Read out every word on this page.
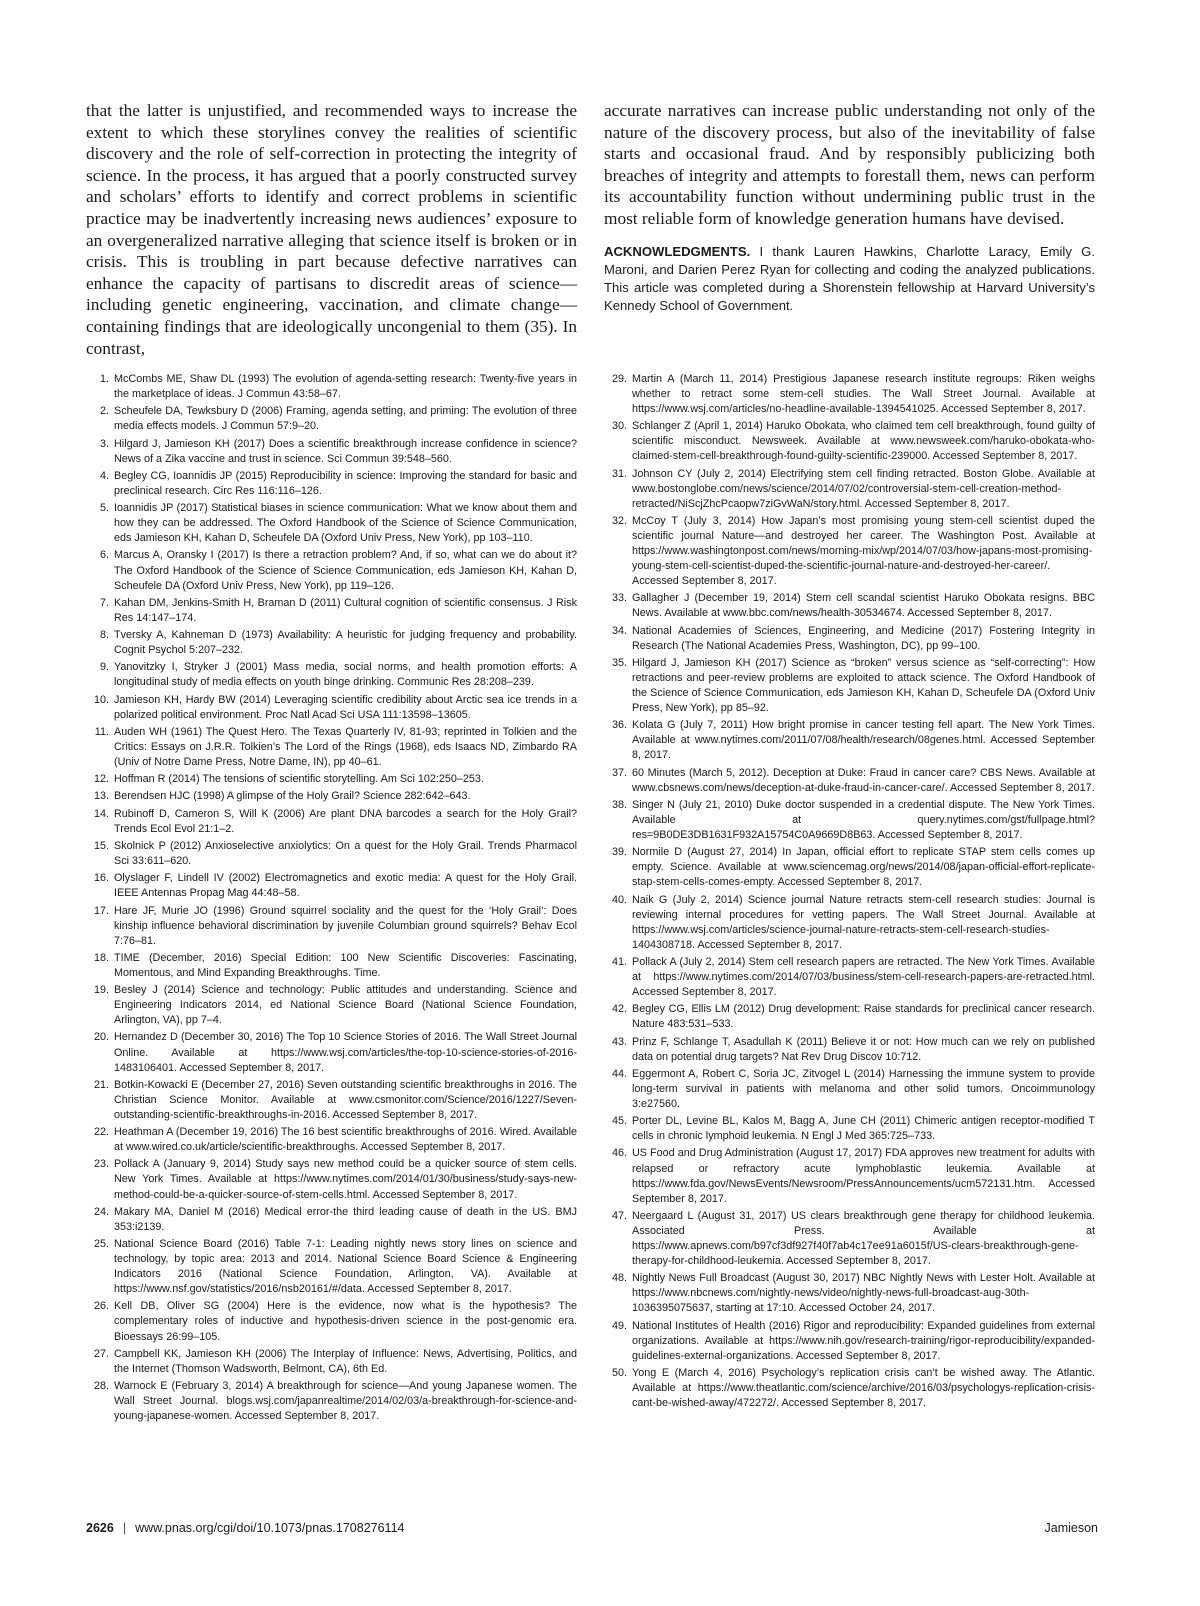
that the latter is unjustified, and recommended ways to increase the extent to which these storylines convey the realities of scientific discovery and the role of self-correction in protecting the integrity of science. In the process, it has argued that a poorly constructed survey and scholars’ efforts to identify and correct problems in scientific practice may be inadvertently increasing news audiences’ exposure to an overgeneralized narrative alleging that science itself is broken or in crisis. This is troubling in part because defective narratives can enhance the capacity of partisans to discredit areas of science—including genetic engineering, vaccination, and climate change—containing findings that are ideologically uncongenial to them (35). In contrast,

accurate narratives can increase public understanding not only of the nature of the discovery process, but also of the inevitability of false starts and occasional fraud. And by responsibly publicizing both breaches of integrity and attempts to forestall them, news can perform its accountability function without undermining public trust in the most reliable form of knowledge generation humans have devised.

ACKNOWLEDGMENTS. I thank Lauren Hawkins, Charlotte Laracy, Emily G. Maroni, and Darien Perez Ryan for collecting and coding the analyzed publications. This article was completed during a Shorenstein fellowship at Harvard University’s Kennedy School of Government.

1. McCombs ME, Shaw DL (1993) The evolution of agenda-setting research: Twenty-five years in the marketplace of ideas. J Commun 43:58–67.
2. Scheufele DA, Tewksbury D (2006) Framing, agenda setting, and priming: The evolution of three media effects models. J Commun 57:9–20.
3. Hilgard J, Jamieson KH (2017) Does a scientific breakthrough increase confidence in science? News of a Zika vaccine and trust in science. Sci Commun 39:548–560.
4. Begley CG, Ioannidis JP (2015) Reproducibility in science: Improving the standard for basic and preclinical research. Circ Res 116:116–126.
5. Ioannidis JP (2017) Statistical biases in science communication: What we know about them and how they can be addressed. The Oxford Handbook of the Science of Science Communication, eds Jamieson KH, Kahan D, Scheufele DA (Oxford Univ Press, New York), pp 103–110.
6. Marcus A, Oransky I (2017) Is there a retraction problem? And, if so, what can we do about it? The Oxford Handbook of the Science of Science Communication, eds Jamieson KH, Kahan D, Scheufele DA (Oxford Univ Press, New York), pp 119–126.
7. Kahan DM, Jenkins-Smith H, Braman D (2011) Cultural cognition of scientific consensus. J Risk Res 14:147–174.
8. Tversky A, Kahneman D (1973) Availability: A heuristic for judging frequency and probability. Cognit Psychol 5:207–232.
9. Yanovitzky I, Stryker J (2001) Mass media, social norms, and health promotion efforts: A longitudinal study of media effects on youth binge drinking. Communic Res 28:208–239.
10. Jamieson KH, Hardy BW (2014) Leveraging scientific credibility about Arctic sea ice trends in a polarized political environment. Proc Natl Acad Sci USA 111:13598–13605.
11. Auden WH (1961) The Quest Hero. The Texas Quarterly IV, 81-93; reprinted in Tolkien and the Critics: Essays on J.R.R. Tolkien’s The Lord of the Rings (1968), eds Isaacs ND, Zimbardo RA (Univ of Notre Dame Press, Notre Dame, IN), pp 40–61.
12. Hoffman R (2014) The tensions of scientific storytelling. Am Sci 102:250–253.
13. Berendsen HJC (1998) A glimpse of the Holy Grail? Science 282:642–643.
14. Rubinoff D, Cameron S, Will K (2006) Are plant DNA barcodes a search for the Holy Grail? Trends Ecol Evol 21:1–2.
15. Skolnick P (2012) Anxioselective anxiolytics: On a quest for the Holy Grail. Trends Pharmacol Sci 33:611–620.
16. Olyslager F, Lindell IV (2002) Electromagnetics and exotic media: A quest for the Holy Grail. IEEE Antennas Propag Mag 44:48–58.
17. Hare JF, Murie JO (1996) Ground squirrel sociality and the quest for the ‘Holy Grail’: Does kinship influence behavioral discrimination by juvenile Columbian ground squirrels? Behav Ecol 7:76–81.
18. TIME (December, 2016) Special Edition: 100 New Scientific Discoveries: Fascinating, Momentous, and Mind Expanding Breakthroughs. Time.
19. Besley J (2014) Science and technology: Public attitudes and understanding. Science and Engineering Indicators 2014, ed National Science Board (National Science Foundation, Arlington, VA), pp 7–4.
20. Hernandez D (December 30, 2016) The Top 10 Science Stories of 2016. The Wall Street Journal Online. Available at https://www.wsj.com/articles/the-top-10-science-stories-of-2016-1483106401. Accessed September 8, 2017.
21. Botkin-Kowacki E (December 27, 2016) Seven outstanding scientific breakthroughs in 2016. The Christian Science Monitor. Available at www.csmonitor.com/Science/2016/1227/Seven-outstanding-scientific-breakthroughs-in-2016. Accessed September 8, 2017.
22. Heathman A (December 19, 2016) The 16 best scientific breakthroughs of 2016. Wired. Available at www.wired.co.uk/article/scientific-breakthroughs. Accessed September 8, 2017.
23. Pollack A (January 9, 2014) Study says new method could be a quicker source of stem cells. New York Times. Available at https://www.nytimes.com/2014/01/30/business/study-says-new-method-could-be-a-quicker-source-of-stem-cells.html. Accessed September 8, 2017.
24. Makary MA, Daniel M (2016) Medical error-the third leading cause of death in the US. BMJ 353:i2139.
25. National Science Board (2016) Table 7-1: Leading nightly news story lines on science and technology, by topic area: 2013 and 2014. National Science Board Science & Engineering Indicators 2016 (National Science Foundation, Arlington, VA). Available at https://www.nsf.gov/statistics/2016/nsb20161/#/data. Accessed September 8, 2017.
26. Kell DB, Oliver SG (2004) Here is the evidence, now what is the hypothesis? The complementary roles of inductive and hypothesis-driven science in the post-genomic era. Bioessays 26:99–105.
27. Campbell KK, Jamieson KH (2006) The Interplay of Influence: News, Advertising, Politics, and the Internet (Thomson Wadsworth, Belmont, CA), 6th Ed.
28. Warnock E (February 3, 2014) A breakthrough for science—And young Japanese women. The Wall Street Journal. blogs.wsj.com/japanrealtime/2014/02/03/a-breakthrough-for-science-and-young-japanese-women. Accessed September 8, 2017.
29. Martin A (March 11, 2014) Prestigious Japanese research institute regroups: Riken weighs whether to retract some stem-cell studies. The Wall Street Journal. Available at https://www.wsj.com/articles/no-headline-available-1394541025. Accessed September 8, 2017.
30. Schlanger Z (April 1, 2014) Haruko Obokata, who claimed tem cell breakthrough, found guilty of scientific misconduct. Newsweek. Available at www.newsweek.com/haruko-obokata-who-claimed-stem-cell-breakthrough-found-guilty-scientific-239000. Accessed September 8, 2017.
31. Johnson CY (July 2, 2014) Electrifying stem cell finding retracted. Boston Globe. Available at www.bostonglobe.com/news/science/2014/07/02/controversial-stem-cell-creation-method-retracted/NiScjZhcPcaopw7ziGvWaN/story.html. Accessed September 8, 2017.
32. McCoy T (July 3, 2014) How Japan’s most promising young stem-cell scientist duped the scientific journal Nature—and destroyed her career. The Washington Post. Available at https://www.washingtonpost.com/news/morning-mix/wp/2014/07/03/how-japans-most-promising-young-stem-cell-scientist-duped-the-scientific-journal-nature-and-destroyed-her-career/. Accessed September 8, 2017.
33. Gallagher J (December 19, 2014) Stem cell scandal scientist Haruko Obokata resigns. BBC News. Available at www.bbc.com/news/health-30534674. Accessed September 8, 2017.
34. National Academies of Sciences, Engineering, and Medicine (2017) Fostering Integrity in Research (The National Academies Press, Washington, DC), pp 99–100.
35. Hilgard J, Jamieson KH (2017) Science as “broken” versus science as “self-correcting”: How retractions and peer-review problems are exploited to attack science. The Oxford Handbook of the Science of Science Communication, eds Jamieson KH, Kahan D, Scheufele DA (Oxford Univ Press, New York), pp 85–92.
36. Kolata G (July 7, 2011) How bright promise in cancer testing fell apart. The New York Times. Available at www.nytimes.com/2011/07/08/health/research/08genes.html. Accessed September 8, 2017.
37. 60 Minutes (March 5, 2012). Deception at Duke: Fraud in cancer care? CBS News. Available at www.cbsnews.com/news/deception-at-duke-fraud-in-cancer-care/. Accessed September 8, 2017.
38. Singer N (July 21, 2010) Duke doctor suspended in a credential dispute. The New York Times. Available at query.nytimes.com/gst/fullpage.html?res=9B0DE3DB1631F932A15754C0A9669D8B63. Accessed September 8, 2017.
39. Normile D (August 27, 2014) In Japan, official effort to replicate STAP stem cells comes up empty. Science. Available at www.sciencemag.org/news/2014/08/japan-official-effort-replicate-stap-stem-cells-comes-empty. Accessed September 8, 2017.
40. Naik G (July 2, 2014) Science journal Nature retracts stem-cell research studies: Journal is reviewing internal procedures for vetting papers. The Wall Street Journal. Available at https://www.wsj.com/articles/science-journal-nature-retracts-stem-cell-research-studies-1404308718. Accessed September 8, 2017.
41. Pollack A (July 2, 2014) Stem cell research papers are retracted. The New York Times. Available at https://www.nytimes.com/2014/07/03/business/stem-cell-research-papers-are-retracted.html. Accessed September 8, 2017.
42. Begley CG, Ellis LM (2012) Drug development: Raise standards for preclinical cancer research. Nature 483:531–533.
43. Prinz F, Schlange T, Asadullah K (2011) Believe it or not: How much can we rely on published data on potential drug targets? Nat Rev Drug Discov 10:712.
44. Eggermont A, Robert C, Soria JC, Zitvogel L (2014) Harnessing the immune system to provide long-term survival in patients with melanoma and other solid tumors. Oncoimmunology 3:e27560.
45. Porter DL, Levine BL, Kalos M, Bagg A, June CH (2011) Chimeric antigen receptor-modified T cells in chronic lymphoid leukemia. N Engl J Med 365:725–733.
46. US Food and Drug Administration (August 17, 2017) FDA approves new treatment for adults with relapsed or refractory acute lymphoblastic leukemia. Available at https://www.fda.gov/NewsEvents/Newsroom/PressAnnouncements/ucm572131.htm. Accessed September 8, 2017.
47. Neergaard L (August 31, 2017) US clears breakthrough gene therapy for childhood leukemia. Associated Press. Available at https://www.apnews.com/b97cf3df927f40f7ab4c17ee91a6015f/US-clears-breakthrough-gene-therapy-for-childhood-leukemia. Accessed September 8, 2017.
48. Nightly News Full Broadcast (August 30, 2017) NBC Nightly News with Lester Holt. Available at https://www.nbcnews.com/nightly-news/video/nightly-news-full-broadcast-aug-30th-1036395075637, starting at 17:10. Accessed October 24, 2017.
49. National Institutes of Health (2016) Rigor and reproducibility: Expanded guidelines from external organizations. Available at https://www.nih.gov/research-training/rigor-reproducibility/expanded-guidelines-external-organizations. Accessed September 8, 2017.
50. Yong E (March 4, 2016) Psychology’s replication crisis can’t be wished away. The Atlantic. Available at https://www.theatlantic.com/science/archive/2016/03/psychologys-replication-crisis-cant-be-wished-away/472272/. Accessed September 8, 2017.
2626 | www.pnas.org/cgi/doi/10.1073/pnas.1708276114	Jamieson
